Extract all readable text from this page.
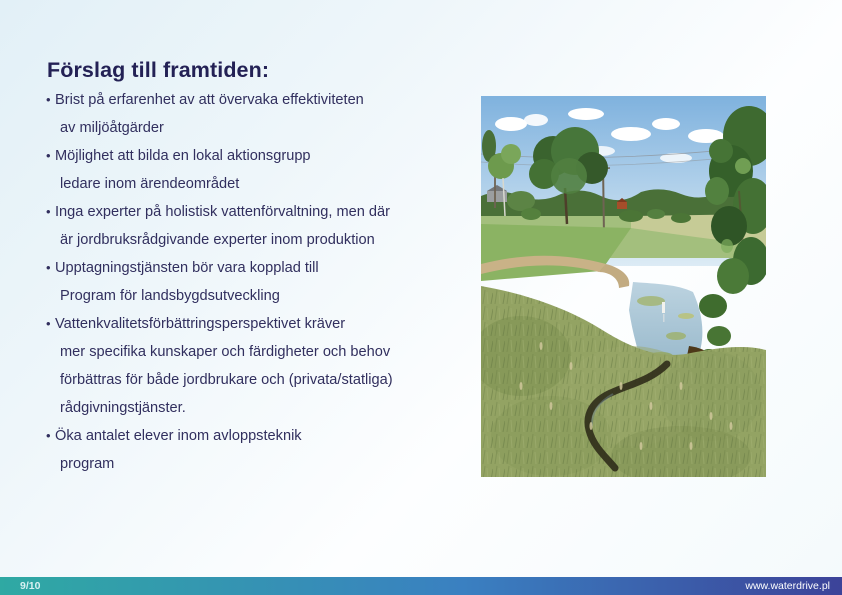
Förslag till framtiden:
• Brist på erfarenhet av att övervaka effektiviteten
av miljöåtgärder
• Möjlighet att bilda en lokal aktionsgrupp
ledare inom ärendeområdet
• Inga experter på holistisk vattenförvaltning, men där
är jordbruksrådgivande experter inom produktion
• Upptagningstjänsten bör vara kopplad till
Program för landsbygdsutveckling
• Vattenkvalitetsförbättringsperspektivet kräver
mer specifika kunskaper och färdigheter och behov
förbättras för både jordbrukare och (privata/statliga)
rådgivningstjänster.
• Öka antalet elever inom avloppsteknik
program
9/10	www.waterdrive.pl
